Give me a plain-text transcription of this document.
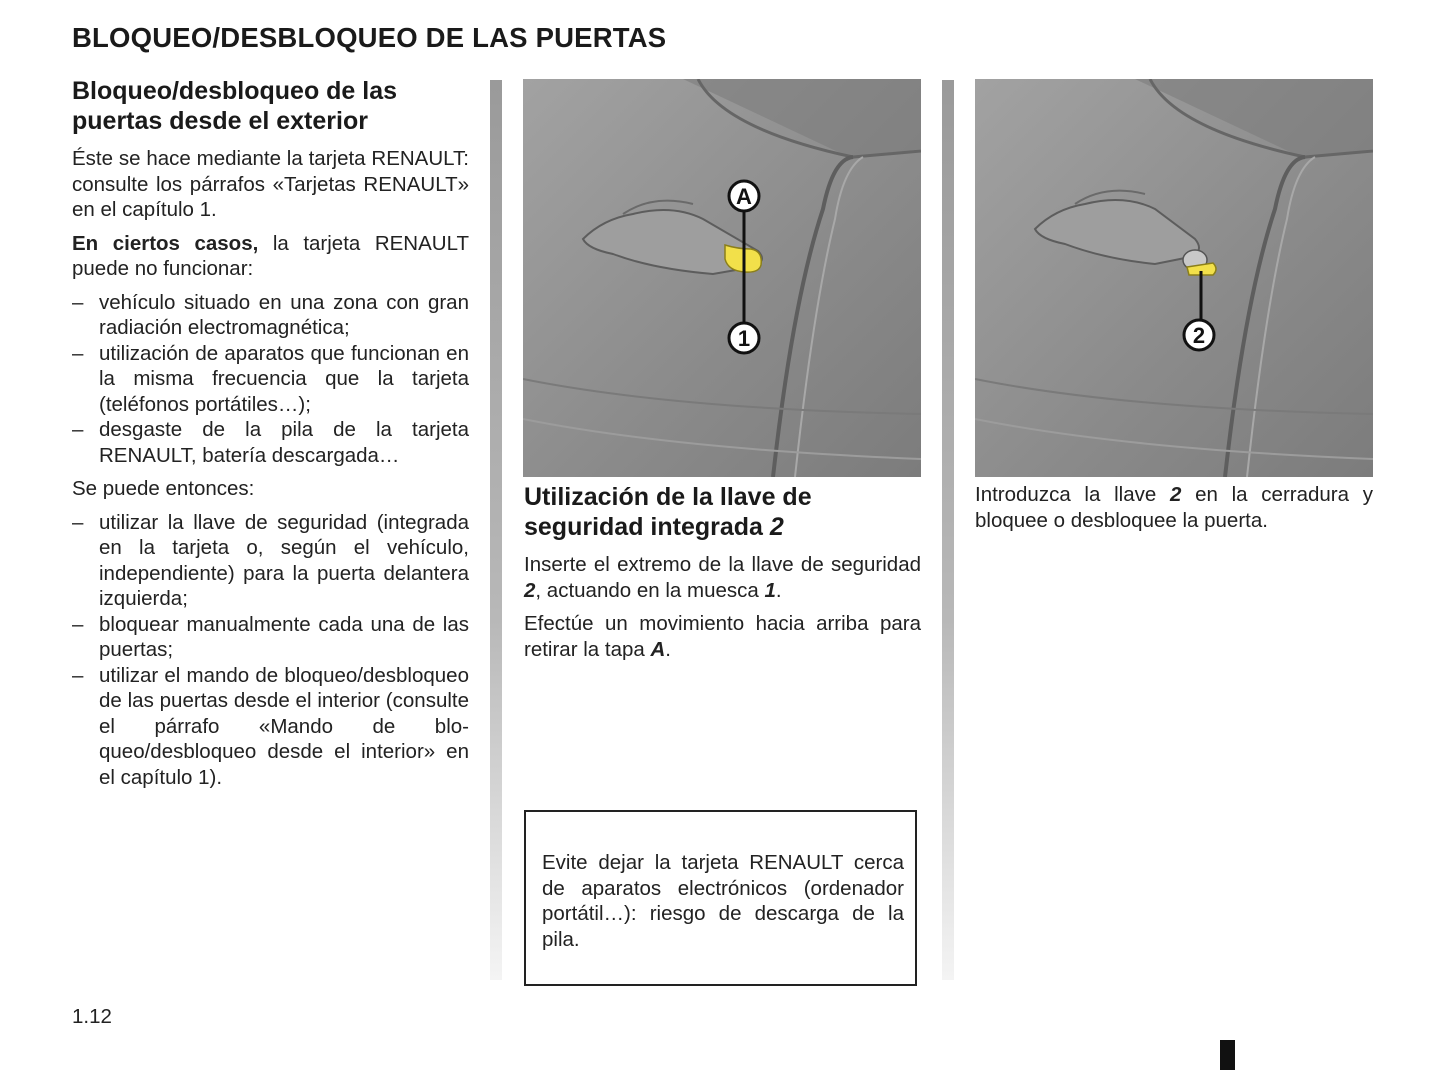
BLOQUEO/DESBLOQUEO DE LAS PUERTAS
Bloqueo/desbloqueo de las puertas desde el exterior

Éste se hace mediante la tarjeta RENAULT: consulte los párrafos «Tarjetas RENAULT» en el capítulo 1.

En ciertos casos, la tarjeta RENAULT puede no funcionar:

– vehículo situado en una zona con gran radiación electromagnética;
– utilización de aparatos que funcionan en la misma frecuencia que la tarjeta (teléfonos portátiles…);
– desgaste de la pila de la tarjeta RENAULT, batería descargada…

Se puede entonces:

– utilizar la llave de seguridad (integrada en la tarjeta o, según el vehículo, independiente) para la puerta delantera izquierda;
– bloquear manualmente cada una de las puertas;
– utilizar el mando de bloqueo/desbloqueo de las puertas desde el interior (consulte el párrafo «Mando de bloqueo/desbloqueo desde el interior» en el capítulo 1).
A
1	2
Utilización de la llave de seguridad integrada 2

Inserte el extremo de la llave de seguridad 2, actuando en la muesca 1.

Efectúe un movimiento hacia arriba para retirar la tapa A.

Evite dejar la tarjeta RENAULT cerca de aparatos electrónicos (ordenador portátil…): riesgo de descarga de la pila.

Introduzca la llave 2 en la cerradura y bloquee o desbloquee la puerta.

1.12
